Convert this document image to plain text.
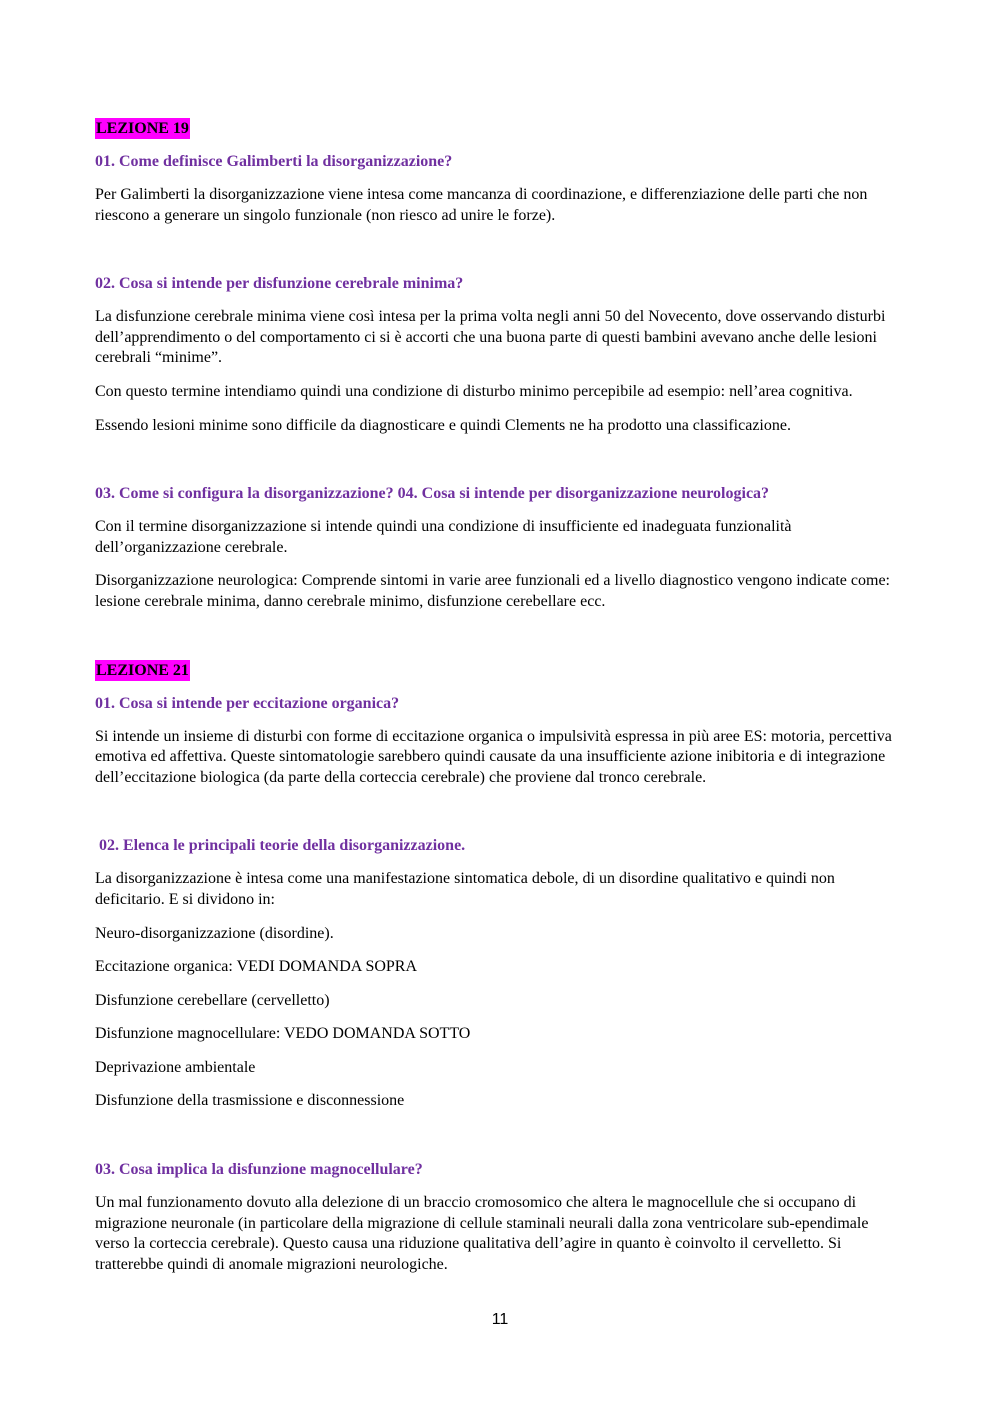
LEZIONE 19
01. Come definisce Galimberti la disorganizzazione?
Per Galimberti la disorganizzazione viene intesa come mancanza di coordinazione, e differenziazione delle parti che non riescono a generare un singolo funzionale (non riesco ad unire le forze).
02. Cosa si intende per disfunzione cerebrale minima?
La disfunzione cerebrale minima viene così intesa per la prima volta negli anni 50 del Novecento, dove osservando disturbi dell’apprendimento o del comportamento ci si è accorti che una buona parte di questi bambini avevano anche delle lesioni cerebrali “minime”.
Con questo termine intendiamo quindi una condizione di disturbo minimo percepibile ad esempio: nell’area cognitiva.
Essendo lesioni minime sono difficile da diagnosticare e quindi Clements ne ha prodotto una classificazione.
03. Come si configura la disorganizzazione? 04. Cosa si intende per disorganizzazione neurologica?
Con il termine disorganizzazione si intende quindi una condizione di insufficiente ed inadeguata funzionalità dell’organizzazione cerebrale.
Disorganizzazione neurologica: Comprende sintomi in varie aree funzionali ed a livello diagnostico vengono indicate come: lesione cerebrale minima, danno cerebrale minimo, disfunzione cerebellare ecc.
LEZIONE 21
01. Cosa si intende per eccitazione organica?
Si intende un insieme di disturbi con forme di eccitazione organica o impulsività espressa in più aree ES: motoria, percettiva emotiva ed affettiva. Queste sintomatologie sarebbero quindi causate da una insufficiente azione inibitoria e di integrazione dell’eccitazione biologica (da parte della corteccia cerebrale) che proviene dal tronco cerebrale.
02. Elenca le principali teorie della disorganizzazione.
La disorganizzazione è intesa come una manifestazione sintomatica debole, di un disordine qualitativo e quindi non deficitario. E si dividono in:
Neuro-disorganizzazione (disordine).
Eccitazione organica: VEDI DOMANDA SOPRA
Disfunzione cerebellare (cervelletto)
Disfunzione magnocellulare: VEDO DOMANDA SOTTO
Deprivazione ambientale
Disfunzione della trasmissione e disconnessione
03. Cosa implica la disfunzione magnocellulare?
Un mal funzionamento dovuto alla delezione di un braccio cromosomico che altera le magnocellule che si occupano di migrazione neuronale (in particolare della migrazione di cellule staminali neurali dalla zona ventricolare sub-ependimale verso la corteccia cerebrale). Questo causa una riduzione qualitativa dell’agire in quanto è coinvolto il cervelletto. Si tratterebbe quindi di anomale migrazioni neurologiche.
11
